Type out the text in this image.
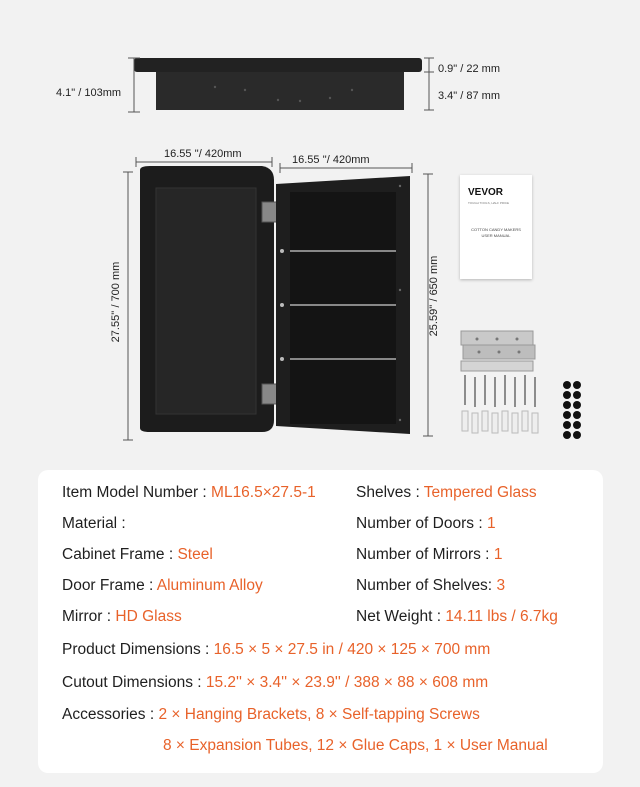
4.1" / 103mm
0.9" / 22 mm
3.4" / 87 mm
16.55 ''/ 420mm	16.55 ''/ 420mm
27.55'' / 700 mm	25.59'' / 650 mm
VEVOR
TOUGH TOOLS, HALF PRICE
COTTON CANDY MAKERS
USER MANUAL
Item Model Number : ML16.5×27.5-1	Shelves : Tempered Glass
Material :	Number of Doors : 1
Cabinet Frame : Steel	Number of Mirrors : 1
Door Frame : Aluminum Alloy	Number of Shelves: 3
Mirror : HD Glass	Net Weight : 14.11 lbs / 6.7kg
Product Dimensions : 16.5 × 5 × 27.5 in / 420 × 125 × 700 mm
Cutout Dimensions : 15.2'' × 3.4'' × 23.9'' / 388 × 88 × 608 mm
Accessories : 2 × Hanging Brackets, 8 × Self-tapping Screws
8 × Expansion Tubes, 12 × Glue Caps, 1 × User Manual
